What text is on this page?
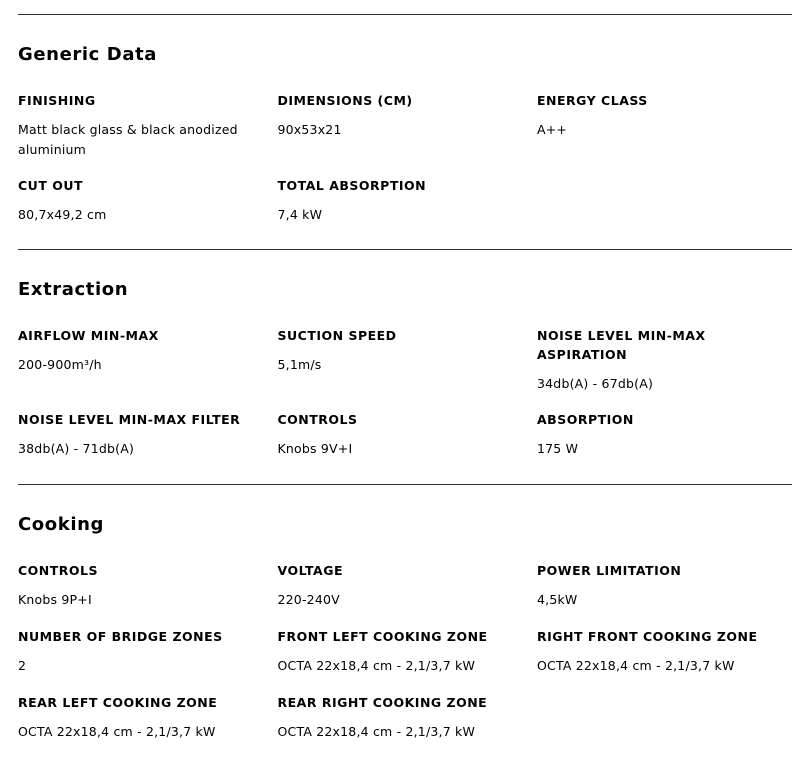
Generic Data
FINISHING
Matt black glass & black anodized aluminium
DIMENSIONS (CM)
90x53x21
ENERGY CLASS
A++
CUT OUT
80,7x49,2 cm
TOTAL ABSORPTION
7,4 kW
Extraction
AIRFLOW MIN-MAX
200-900m³/h
SUCTION SPEED
5,1m/s
NOISE LEVEL MIN-MAX ASPIRATION
34db(A) - 67db(A)
NOISE LEVEL MIN-MAX FILTER
38db(A) - 71db(A)
CONTROLS
Knobs 9V+I
ABSORPTION
175 W
Cooking
CONTROLS
Knobs 9P+I
VOLTAGE
220-240V
POWER LIMITATION
4,5kW
NUMBER OF BRIDGE ZONES
2
FRONT LEFT COOKING ZONE
OCTA 22x18,4 cm - 2,1/3,7 kW
RIGHT FRONT COOKING ZONE
OCTA 22x18,4 cm - 2,1/3,7 kW
REAR LEFT COOKING ZONE
OCTA 22x18,4 cm - 2,1/3,7 kW
REAR RIGHT COOKING ZONE
OCTA 22x18,4 cm - 2,1/3,7 kW
